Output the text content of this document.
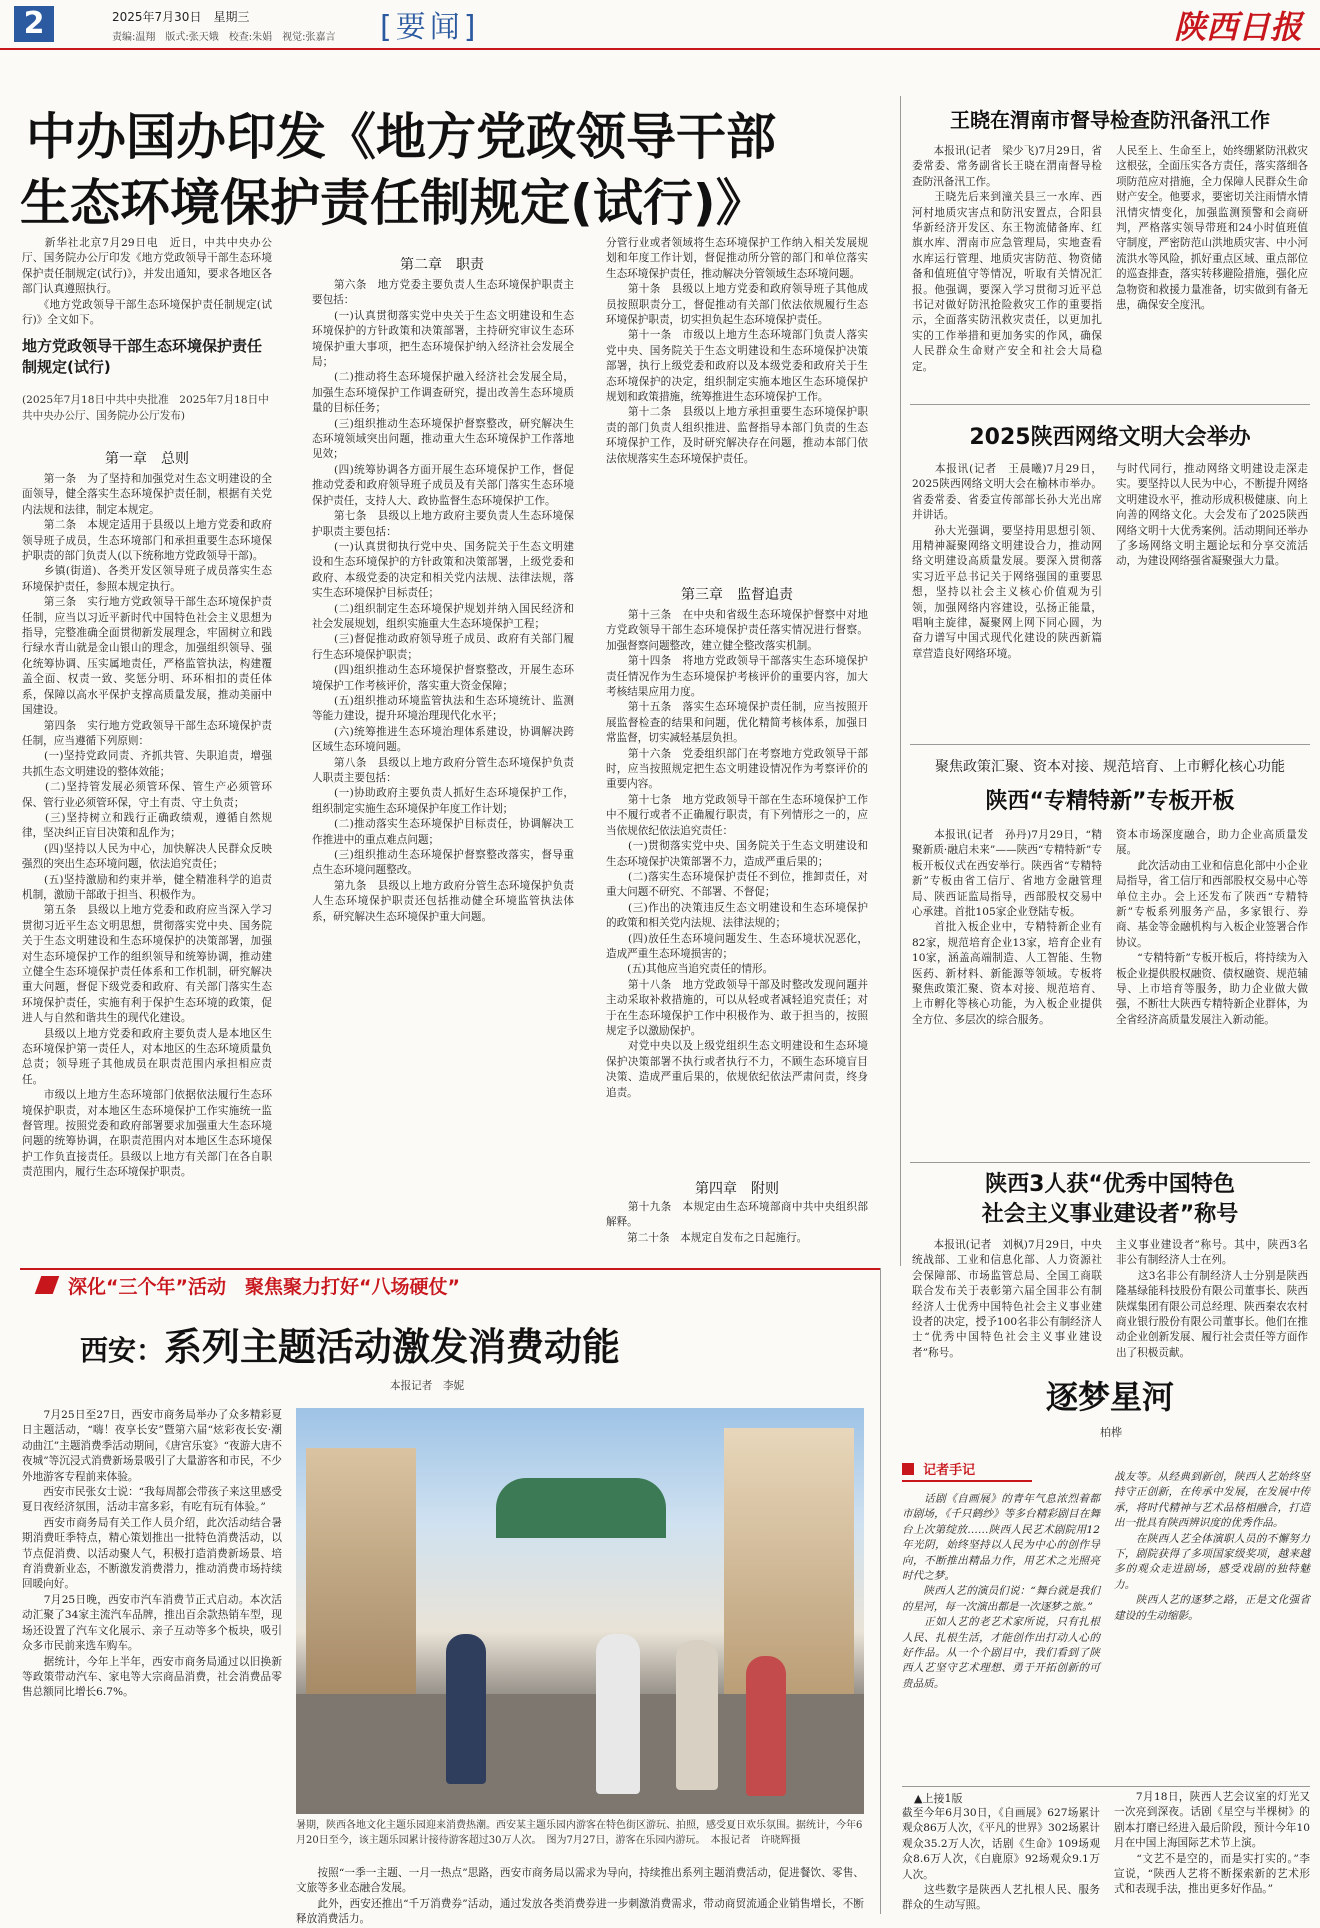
2	2025年7月30日　星期三
责编:温翔　版式:张天娥　校查:朱娟　视觉:张嘉言 [要闻]	陕西日报
中办国办印发《地方党政领导干部
生态环境保护责任制规定(试行)》
　　新华社北京7月29日电　近日，中共中央办公厅、国务院办公厅印发《地方党政领导干部生态环境保护责任制规定(试行)》，并发出通知，要求各地区各部门认真遵照执行。
　　《地方党政领导干部生态环境保护责任制规定(试行)》全文如下。
地方党政领导干部生态环境保护责任制规定(试行)
(2025年7月18日中共中央批准　2025年7月18日中共中央办公厅、国务院办公厅发布)
第一章　总则
　　第一条　为了坚持和加强党对生态文明建设的全面领导，健全落实生态环境保护责任制，根据有关党内法规和法律，制定本规定。
　　第二条　本规定适用于县级以上地方党委和政府领导班子成员，生态环境部门和承担重要生态环境保护职责的部门负责人(以下统称地方党政领导干部)。
　　乡镇(街道)、各类开发区领导班子成员落实生态环境保护责任，参照本规定执行。
　　第三条　实行地方党政领导干部生态环境保护责任制，应当以习近平新时代中国特色社会主义思想为指导，完整准确全面贯彻新发展理念，牢固树立和践行绿水青山就是金山银山的理念，加强组织领导、强化统筹协调、压实属地责任，严格监管执法，构建覆盖全面、权责一致、奖惩分明、环环相扣的责任体系，保障以高水平保护支撑高质量发展，推动美丽中国建设。
　　第四条　实行地方党政领导干部生态环境保护责任制，应当遵循下列原则：
　　(一)坚持党政同责、齐抓共管、失职追责，增强共抓生态文明建设的整体效能；
　　(二)坚持管发展必须管环保、管生产必须管环保、管行业必须管环保，守土有责、守土负责；
　　(三)坚持树立和践行正确政绩观，遵循自然规律，坚决纠正盲目决策和乱作为；
　　(四)坚持以人民为中心，加快解决人民群众反映强烈的突出生态环境问题，依法追究责任；
　　(五)坚持激励和约束并举，健全精准科学的追责机制，激励干部敢于担当、积极作为。
　　第五条　县级以上地方党委和政府应当深入学习贯彻习近平生态文明思想，贯彻落实党中央、国务院关于生态文明建设和生态环境保护的决策部署，加强对生态环境保护工作的组织领导和统筹协调，推动建立健全生态环境保护责任体系和工作机制，研究解决重大问题，督促下级党委和政府、有关部门落实生态环境保护责任，实施有利于保护生态环境的政策，促进人与自然和谐共生的现代化建设。
　　县级以上地方党委和政府主要负责人是本地区生态环境保护第一责任人，对本地区的生态环境质量负总责；领导班子其他成员在职责范围内承担相应责任。
　　市级以上地方生态环境部门依据依法履行生态环境保护职责，对本地区生态环境保护工作实施统一监督管理。按照党委和政府部署要求加强重大生态环境问题的统筹协调，在职责范围内对本地区生态环境保护工作负直接责任。县级以上地方有关部门在各自职责范围内，履行生态环境保护职责。
第二章　职责
　　第六条　地方党委主要负责人生态环境保护职责主要包括：
　　(一)认真贯彻落实党中央关于生态文明建设和生态环境保护的方针政策和决策部署，主持研究审议生态环境保护重大事项，把生态环境保护纳入经济社会发展全局；
　　(二)推动将生态环境保护融入经济社会发展全局，加强生态环境保护工作调查研究，提出改善生态环境质量的目标任务；
　　(三)组织推动生态环境保护督察整改，研究解决生态环境领域突出问题，推动重大生态环境保护工作落地见效；
　　(四)统筹协调各方面开展生态环境保护工作，督促推动党委和政府领导班子成员及有关部门落实生态环境保护责任，支持人大、政协监督生态环境保护工作。
　　第七条　县级以上地方政府主要负责人生态环境保护职责主要包括：
　　(一)认真贯彻执行党中央、国务院关于生态文明建设和生态环境保护的方针政策和决策部署，上级党委和政府、本级党委的决定和相关党内法规、法律法规，落实生态环境保护目标责任；
　　(二)组织制定生态环境保护规划并纳入国民经济和社会发展规划，组织实施重大生态环境保护工程；
　　(三)督促推动政府领导班子成员、政府有关部门履行生态环境保护职责；
　　(四)组织推动生态环境保护督察整改，开展生态环境保护工作考核评价，落实重大资金保障；
　　(五)组织推动环境监管执法和生态环境统计、监测等能力建设，提升环境治理现代化水平；
　　(六)统筹推进生态环境治理体系建设，协调解决跨区域生态环境问题。
　　第八条　县级以上地方政府分管生态环境保护负责人职责主要包括：
　　(一)协助政府主要负责人抓好生态环境保护工作，组织制定实施生态环境保护年度工作计划；
　　(二)推动落实生态环境保护目标责任，协调解决工作推进中的重点难点问题；
　　(三)组织推动生态环境保护督察整改落实，督导重点生态环境问题整改。
　　第九条　县级以上地方政府分管生态环境保护负责人生态环境保护职责还包括推动健全环境监管执法体系，研究解决生态环境保护重大问题。
分管行业或者领域将生态环境保护工作纳入相关发展规划和年度工作计划，督促推动所分管的部门和单位落实生态环境保护责任，推动解决分管领域生态环境问题。
　　第十条　县级以上地方党委和政府领导班子其他成员按照职责分工，督促推动有关部门依法依规履行生态环境保护职责，切实担负起生态环境保护责任。
　　第十一条　市级以上地方生态环境部门负责人落实党中央、国务院关于生态文明建设和生态环境保护决策部署，执行上级党委和政府以及本级党委和政府关于生态环境保护的决定，组织制定实施本地区生态环境保护规划和政策措施，统筹推进生态环境保护工作。
　　第十二条　县级以上地方承担重要生态环境保护职责的部门负责人组织推进、监督指导本部门负责的生态环境保护工作，及时研究解决存在问题，推动本部门依法依规落实生态环境保护责任。
第三章　监督追责
　　第十三条　在中央和省级生态环境保护督察中对地方党政领导干部生态环境保护责任落实情况进行督察。加强督察问题整改，建立健全整改落实机制。
　　第十四条　将地方党政领导干部落实生态环境保护责任情况作为生态环境保护考核评价的重要内容，加大考核结果应用力度。
　　第十五条　落实生态环境保护责任制，应当按照开展监督检查的结果和问题，优化精简考核体系，加强日常监督，切实减轻基层负担。
　　第十六条　党委组织部门在考察地方党政领导干部时，应当按照规定把生态文明建设情况作为考察评价的重要内容。
　　第十七条　地方党政领导干部在生态环境保护工作中不履行或者不正确履行职责，有下列情形之一的，应当依规依纪依法追究责任：
　　(一)贯彻落实党中央、国务院关于生态文明建设和生态环境保护决策部署不力，造成严重后果的；
　　(二)落实生态环境保护责任不到位，推卸责任，对重大问题不研究、不部署、不督促；
　　(三)作出的决策违反生态文明建设和生态环境保护的政策和相关党内法规、法律法规的；
　　(四)放任生态环境问题发生、生态环境状况恶化，造成严重生态环境损害的；
　　(五)其他应当追究责任的情形。
　　第十八条　地方党政领导干部及时整改发现问题并主动采取补救措施的，可以从轻或者减轻追究责任；对于在生态环境保护工作中积极作为、敢于担当的，按照规定予以激励保护。
　　对党中央以及上级党组织生态文明建设和生态环境保护决策部署不执行或者执行不力，不顾生态环境盲目决策、造成严重后果的，依规依纪依法严肃问责，终身追责。
第四章　附则
　　第十九条　本规定由生态环境部商中共中央组织部解释。
　　第二十条　本规定自发布之日起施行。
王晓在渭南市督导检查防汛备汛工作
　　本报讯(记者　梁少飞)7月29日，省委常委、常务副省长王晓在渭南督导检查防汛备汛工作。
　　王晓先后来到潼关县三一水库、西河村地质灾害点和防汛安置点，合阳县华新经济开发区、东王物流储备库、红旗水库、渭南市应急管理局，实地查看水库运行管理、地质灾害防范、物资储备和值班值守等情况，听取有关情况汇报。他强调，要深入学习贯彻习近平总书记对做好防汛抢险救灾工作的重要指示，全面落实防汛救灾责任，以更加扎实的工作举措和更加务实的作风，确保人民群众生命财产安全和社会大局稳定。
人民至上、生命至上，始终绷紧防汛救灾这根弦，全面压实各方责任，落实落细各项防范应对措施，全力保障人民群众生命财产安全。他要求，要密切关注雨情水情汛情灾情变化，加强监测预警和会商研判，严格落实领导带班和24小时值班值守制度，严密防范山洪地质灾害、中小河流洪水等风险，抓好重点区域、重点部位的巡查排查，落实转移避险措施，强化应急物资和救援力量准备，切实做到有备无患，确保安全度汛。
2025陕西网络文明大会举办
　　本报讯(记者　王晨曦)7月29日，2025陕西网络文明大会在榆林市举办。省委常委、省委宣传部部长孙大光出席并讲话。
　　孙大光强调，要坚持用思想引领、用精神凝聚网络文明建设合力，推动网络文明建设高质量发展。要深入贯彻落实习近平总书记关于网络强国的重要思想，坚持以社会主义核心价值观为引领，加强网络内容建设，弘扬正能量，唱响主旋律，凝聚网上网下同心圆，为奋力谱写中国式现代化建设的陕西新篇章营造良好网络环境。
与时代同行，推动网络文明建设走深走实。要坚持以人民为中心，不断提升网络文明建设水平，推动形成积极健康、向上向善的网络文化。大会发布了2025陕西网络文明十大优秀案例。活动期间还举办了多场网络文明主题论坛和分享交流活动，为建设网络强省凝聚强大力量。
聚焦政策汇聚、资本对接、规范培育、上市孵化核心功能
陕西“专精特新”专板开板
　　本报讯(记者　孙丹)7月29日，“精聚新质·融启未来”——陕西“专精特新”专板开板仪式在西安举行。陕西省“专精特新”专板由省工信厅、省地方金融管理局、陕西证监局指导，西部股权交易中心承建。首批105家企业登陆专板。
　　首批入板企业中，专精特新企业有82家，规范培育企业13家，培育企业有10家，涵盖高端制造、人工智能、生物医药、新材料、新能源等领域。专板将聚焦政策汇聚、资本对接、规范培育、上市孵化等核心功能，为入板企业提供全方位、多层次的综合服务。
资本市场深度融合，助力企业高质量发展。
　　此次活动由工业和信息化部中小企业局指导，省工信厅和西部股权交易中心等单位主办。会上还发布了陕西“专精特新”专板系列服务产品，多家银行、券商、基金等金融机构与入板企业签署合作协议。
　　“专精特新”专板开板后，将持续为入板企业提供股权融资、债权融资、规范辅导、上市培育等服务，助力企业做大做强，不断壮大陕西专精特新企业群体，为全省经济高质量发展注入新动能。
陕西3人获“优秀中国特色
社会主义事业建设者”称号
　　本报讯(记者　刘枫)7月29日，中央统战部、工业和信息化部、人力资源社会保障部、市场监管总局、全国工商联联合发布关于表彰第六届全国非公有制经济人士优秀中国特色社会主义事业建设者的决定，授予100名非公有制经济人士“优秀中国特色社会主义事业建设者”称号。
主义事业建设者”称号。其中，陕西3名非公有制经济人士在列。
　　这3名非公有制经济人士分别是陕西隆基绿能科技股份有限公司董事长、陕西陕煤集团有限公司总经理、陕西秦农农村商业银行股份有限公司董事长。他们在推动企业创新发展、履行社会责任等方面作出了积极贡献。
深化“三个年”活动　聚焦聚力打好“八场硬仗”
西安：系列主题活动激发消费动能
本报记者　李妮
　　7月25日至27日，西安市商务局举办了众多精彩夏日主题活动，“嗨！夜享长安”暨第六届“炫彩夜长安·潮动曲江”主题消费季活动期间，《唐宫乐宴》“夜游大唐不夜城”等沉浸式消费新场景吸引了大量游客和市民，不少外地游客专程前来体验。
　　西安市民张女士说：“我每周都会带孩子来这里感受夏日夜经济氛围，活动丰富多彩，有吃有玩有体验。”
　　西安市商务局有关工作人员介绍，此次活动结合暑期消费旺季特点，精心策划推出一批特色消费活动，以节点促消费、以活动聚人气，积极打造消费新场景、培育消费新业态，不断激发消费潜力，推动消费市场持续回暖向好。
　　7月25日晚，西安市汽车消费节正式启动。本次活动汇聚了34家主流汽车品牌，推出百余款热销车型，现场还设置了汽车文化展示、亲子互动等多个板块，吸引众多市民前来选车购车。
　　据统计，今年上半年，西安市商务局通过以旧换新等政策带动汽车、家电等大宗商品消费，社会消费品零售总额同比增长6.7%。
暑期，陕西各地文化主题乐园迎来消费热潮。西安某主题乐园内游客在特色街区游玩、拍照，感受夏日欢乐氛围。据统计，今年6月20日至今，该主题乐园累计接待游客超过30万人次。　图为7月27日，游客在乐园内游玩。　本报记者　许晓辉摄
　　按照“一季一主题、一月一热点”思路，西安市商务局以需求为导向，持续推出系列主题消费活动，促进餐饮、零售、文旅等多业态融合发展。
　　此外，西安还推出“千万消费券”活动，通过发放各类消费券进一步刺激消费需求，带动商贸流通企业销售增长，不断释放消费活力。
逐梦星河
柏桦
记者手记
　　话剧《自画展》的青年气息浓烈着都市剧场，《千只鹤纱》等多台精彩剧目在舞台上次第绽放……陕西人民艺术剧院用12年光阴，始终坚持以人民为中心的创作导向，不断推出精品力作，用艺术之光照亮时代之梦。
　　陕西人艺的演员们说：“舞台就是我们的星河，每一次演出都是一次逐梦之旅。”
　　正如人艺的老艺术家所说，只有扎根人民、扎根生活，才能创作出打动人心的好作品。从一个个剧目中，我们看到了陕西人艺坚守艺术理想、勇于开拓创新的可贵品质。
战友等。从经典到新创，陕西人艺始终坚持守正创新，在传承中发展，在发展中传承，将时代精神与艺术品格相融合，打造出一批具有陕西辨识度的优秀作品。
　　在陕西人艺全体演职人员的不懈努力下，剧院获得了多项国家级奖项，越来越多的观众走进剧场，感受戏剧的独特魅力。
　　陕西人艺的逐梦之路，正是文化强省建设的生动缩影。
▲上接1版
截至今年6月30日，《自画展》627场累计观众86万人次，《平凡的世界》302场累计观众35.2万人次，话剧《生命》109场观众8.6万人次，《白鹿原》92场观众9.1万人次。
　　这些数字是陕西人艺扎根人民、服务群众的生动写照。
　　7月18日，陕西人艺会议室的灯光又一次亮到深夜。话剧《星空与半棵树》的剧本打磨已经进入最后阶段，预计今年10月在中国上海国际艺术节上演。
　　“文艺不是空的，而是实打实的。”李宣说，“陕西人艺将不断探索新的艺术形式和表现手法，推出更多好作品。”
